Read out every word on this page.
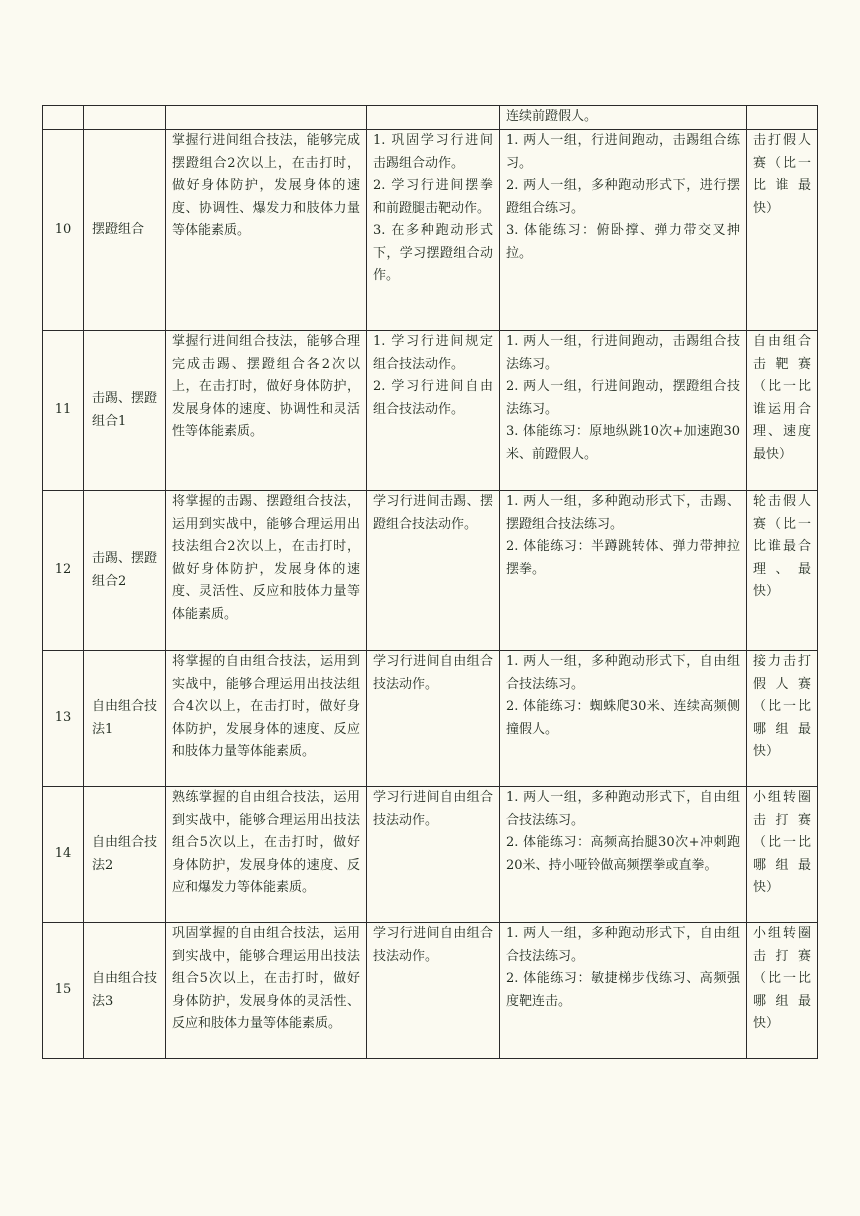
				连续前蹬假人。	

10	摆蹬组合	掌握行进间组合技法，能够完成摆蹬组合2次以上，在击打时，做好身体防护，发展身体的速度、协调性、爆发力和肢体力量等体能素质。	1. 巩固学习行进间击踢组合动作。
2. 学习行进间摆拳和前蹬腿击靶动作。
3. 在多种跑动形式下，学习摆蹬组合动作。	1. 两人一组，行进间跑动，击踢组合练习。
2. 两人一组，多种跑动形式下，进行摆蹬组合练习。
3. 体能练习：俯卧撑、弹力带交叉抻拉。	击打假人赛（比一比谁最快）
11	击踢、摆蹬组合1	掌握行进间组合技法，能够合理完成击踢、摆蹬组合各2次以上，在击打时，做好身体防护，发展身体的速度、协调性和灵活性等体能素质。	1. 学习行进间规定组合技法动作。
2. 学习行进间自由组合技法动作。	1. 两人一组，行进间跑动，击踢组合技法练习。
2. 两人一组，行进间跑动，摆蹬组合技法练习。
3. 体能练习：原地纵跳10次+加速跑30米、前蹬假人。	自由组合击靶赛（比一比谁运用合理、速度最快）
12	击踢、摆蹬组合2	将掌握的击踢、摆蹬组合技法，运用到实战中，能够合理运用出技法组合2次以上，在击打时，做好身体防护，发展身体的速度、灵活性、反应和肢体力量等体能素质。	学习行进间击踢、摆蹬组合技法动作。	1. 两人一组，多种跑动形式下，击踢、摆蹬组合技法练习。
2. 体能练习：半蹲跳转体、弹力带抻拉摆拳。	轮击假人赛（比一比谁最合理、最快）
13	自由组合技法1	将掌握的自由组合技法，运用到实战中，能够合理运用出技法组合4次以上，在击打时，做好身体防护，发展身体的速度、反应和肢体力量等体能素质。	学习行进间自由组合技法动作。	1. 两人一组，多种跑动形式下，自由组合技法练习。
2. 体能练习：蜘蛛爬30米、连续高频侧撞假人。	接力击打假人赛（比一比哪组最快）
14	自由组合技法2	熟练掌握的自由组合技法，运用到实战中，能够合理运用出技法组合5次以上，在击打时，做好身体防护，发展身体的速度、反应和爆发力等体能素质。	学习行进间自由组合技法动作。	1. 两人一组，多种跑动形式下，自由组合技法练习。
2. 体能练习：高频高抬腿30次+冲刺跑20米、持小哑铃做高频摆拳或直拳。	小组转圈击打赛（比一比哪组最快）
15	自由组合技法3	巩固掌握的自由组合技法，运用到实战中，能够合理运用出技法组合5次以上，在击打时，做好身体防护，发展身体的灵活性、反应和肢体力量等体能素质。	学习行进间自由组合技法动作。	1. 两人一组，多种跑动形式下，自由组合技法练习。
2. 体能练习：敏捷梯步伐练习、高频强度靶连击。	小组转圈击打赛（比一比哪组最快）
